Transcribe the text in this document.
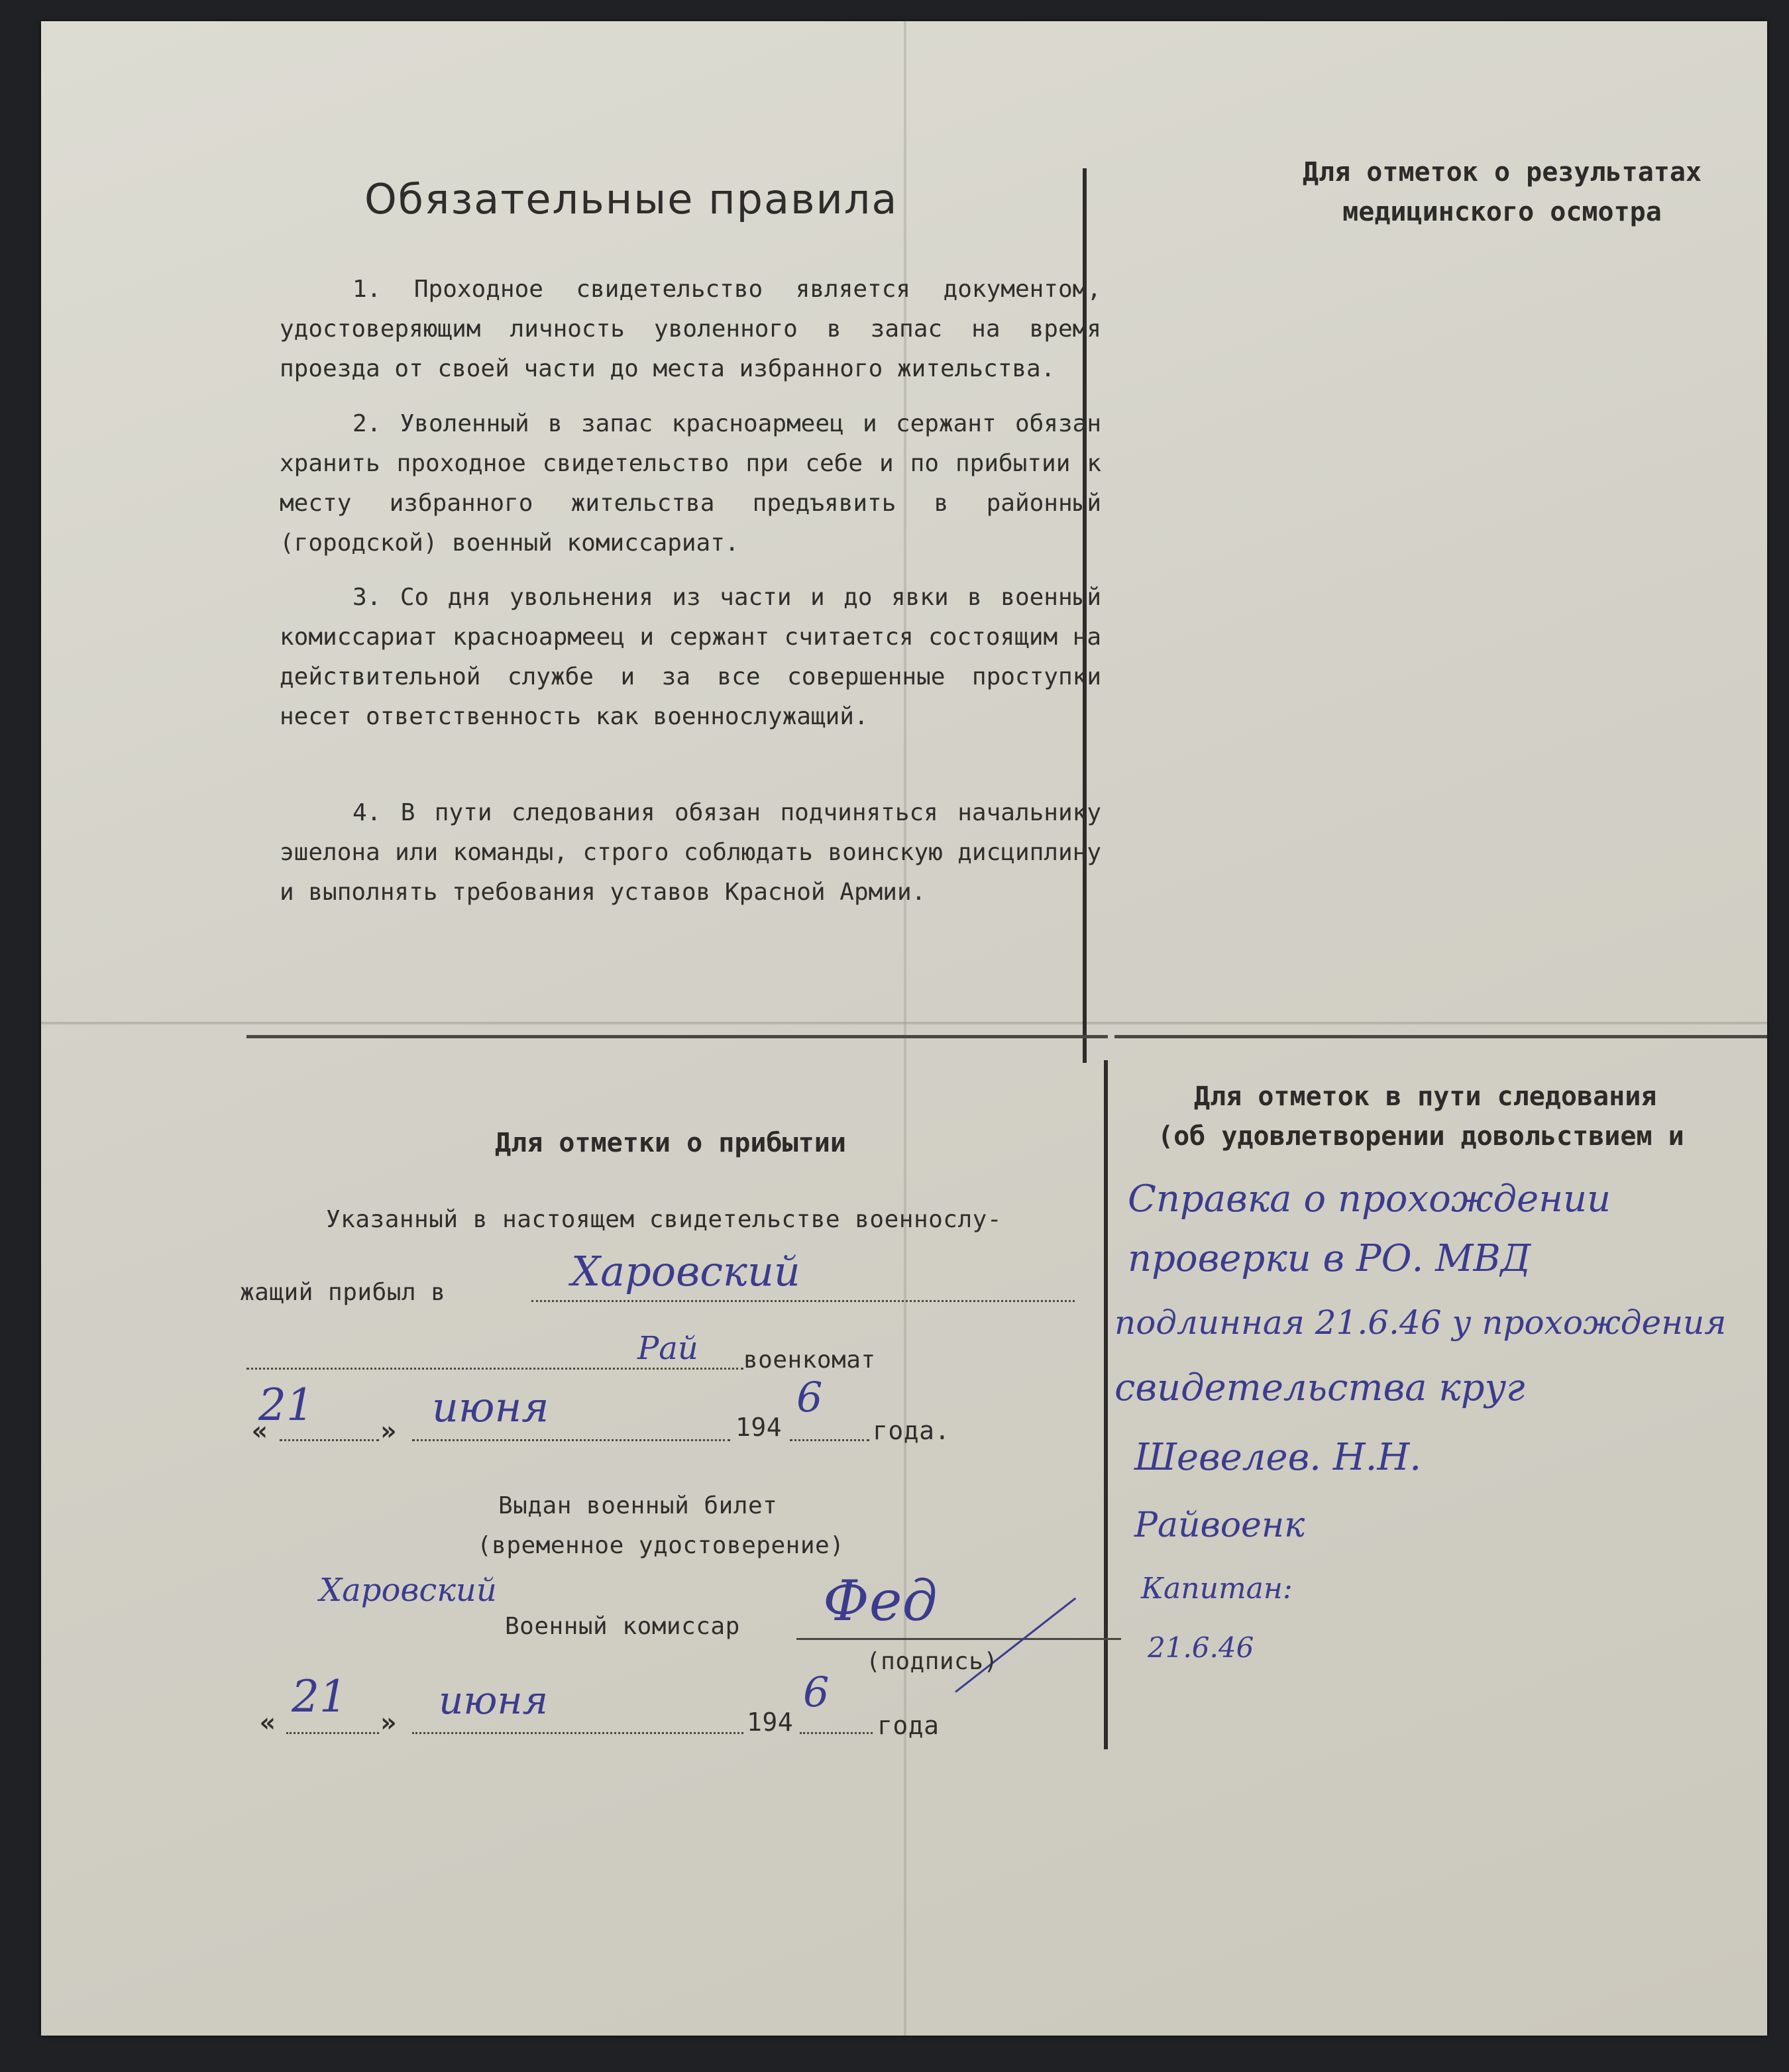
Обязательные правила
1. Проходное свидетельство является документом, удостоверяющим личность уволенного в запас на время проезда от своей части до места избранного жительства.
2. Уволенный в запас красноармеец и сержант обязан хранить проходное свидетельство при себе и по прибытии к месту избранного жительства предъявить в районный (городской) военный комиссариат.
3. Со дня увольнения из части и до явки в военный комиссариат красноармеец и сержант считается состоящим на действительной службе и за все совершенные проступки несет ответственность как военнослужащий.
4. В пути следования обязан подчиняться начальнику эшелона или команды, строго соблюдать воинскую дисциплину и выполнять требования уставов Красной Армии.
Для отметок о результатах
медицинского осмотра
Для отметки о прибытии
Указанный в настоящем свидетельстве военнослу-
жащий прибыл в	Харовский
Рай военкомат
«
21
» июня	194
6
года.
Выдан военный билет
(временное удостоверение)
Харовский
Военный комиссар Фед
(подпись)
«
21
» июня	194
6
года
Для отметок в пути следования
(об удовлетворении довольствием и
Справка о прохождении
проверки в РО. МВД
подлинная 21.6.46 у прохождения
свидетельства круг
Шевелев. Н.Н.
Райвоенк
Капитан:
21.6.46
